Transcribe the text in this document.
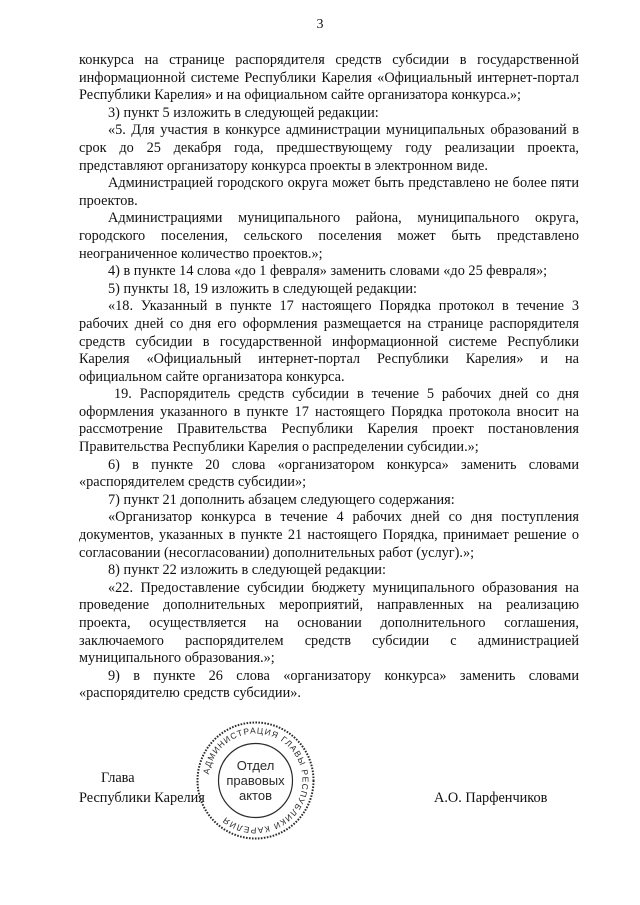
3

конкурса на странице распорядителя средств субсидии в государственной информационной системе Республики Карелия «Официальный интернет-портал Республики Карелия» и на официальном сайте организатора конкурса.»;

3) пункт 5 изложить в следующей редакции:

«5. Для участия в конкурсе администрации муниципальных образований в срок до 25 декабря года, предшествующему году реализации проекта, представляют организатору конкурса проекты в электронном виде.

Администрацией городского округа может быть представлено не более пяти проектов.

Администрациями муниципального района, муниципального округа, городского поселения, сельского поселения может быть представлено неограниченное количество проектов.»;

4) в пункте 14 слова «до 1 февраля» заменить словами «до 25 февраля»;

5) пункты 18, 19 изложить в следующей редакции:

«18. Указанный в пункте 17 настоящего Порядка протокол в течение 3 рабочих дней со дня его оформления размещается на странице распорядителя средств субсидии в государственной информационной системе Республики Карелия «Официальный интернет-портал Республики Карелия» и на официальном сайте организатора конкурса.

19. Распорядитель средств субсидии в течение 5 рабочих дней со дня оформления указанного в пункте 17 настоящего Порядка протокола вносит на рассмотрение Правительства Республики Карелия проект постановления Правительства Республики Карелия о распределении субсидии.»;

6) в пункте 20 слова «организатором конкурса» заменить словами «распорядителем средств субсидии»;

7) пункт 21 дополнить абзацем следующего содержания:

«Организатор конкурса в течение 4 рабочих дней со дня поступления документов, указанных в пункте 21 настоящего Порядка, принимает решение о согласовании (несогласовании) дополнительных работ (услуг).»;

8) пункт 22 изложить в следующей редакции:

«22. Предоставление субсидии бюджету муниципального образования на проведение дополнительных мероприятий, направленных на реализацию проекта, осуществляется на основании дополнительного соглашения, заключаемого распорядителем средств субсидии с администрацией муниципального образования.»;

9) в пункте 26 слова «организатору конкурса» заменить словами «распорядителю средств субсидии».

Глава
Республики Карелия	А.О. Парфенчиков
АДМИНИСТРАЦИЯ ГЛАВЫ РЕСПУБЛИКИ КАРЕЛИЯ
Отдел
правовых
актов
